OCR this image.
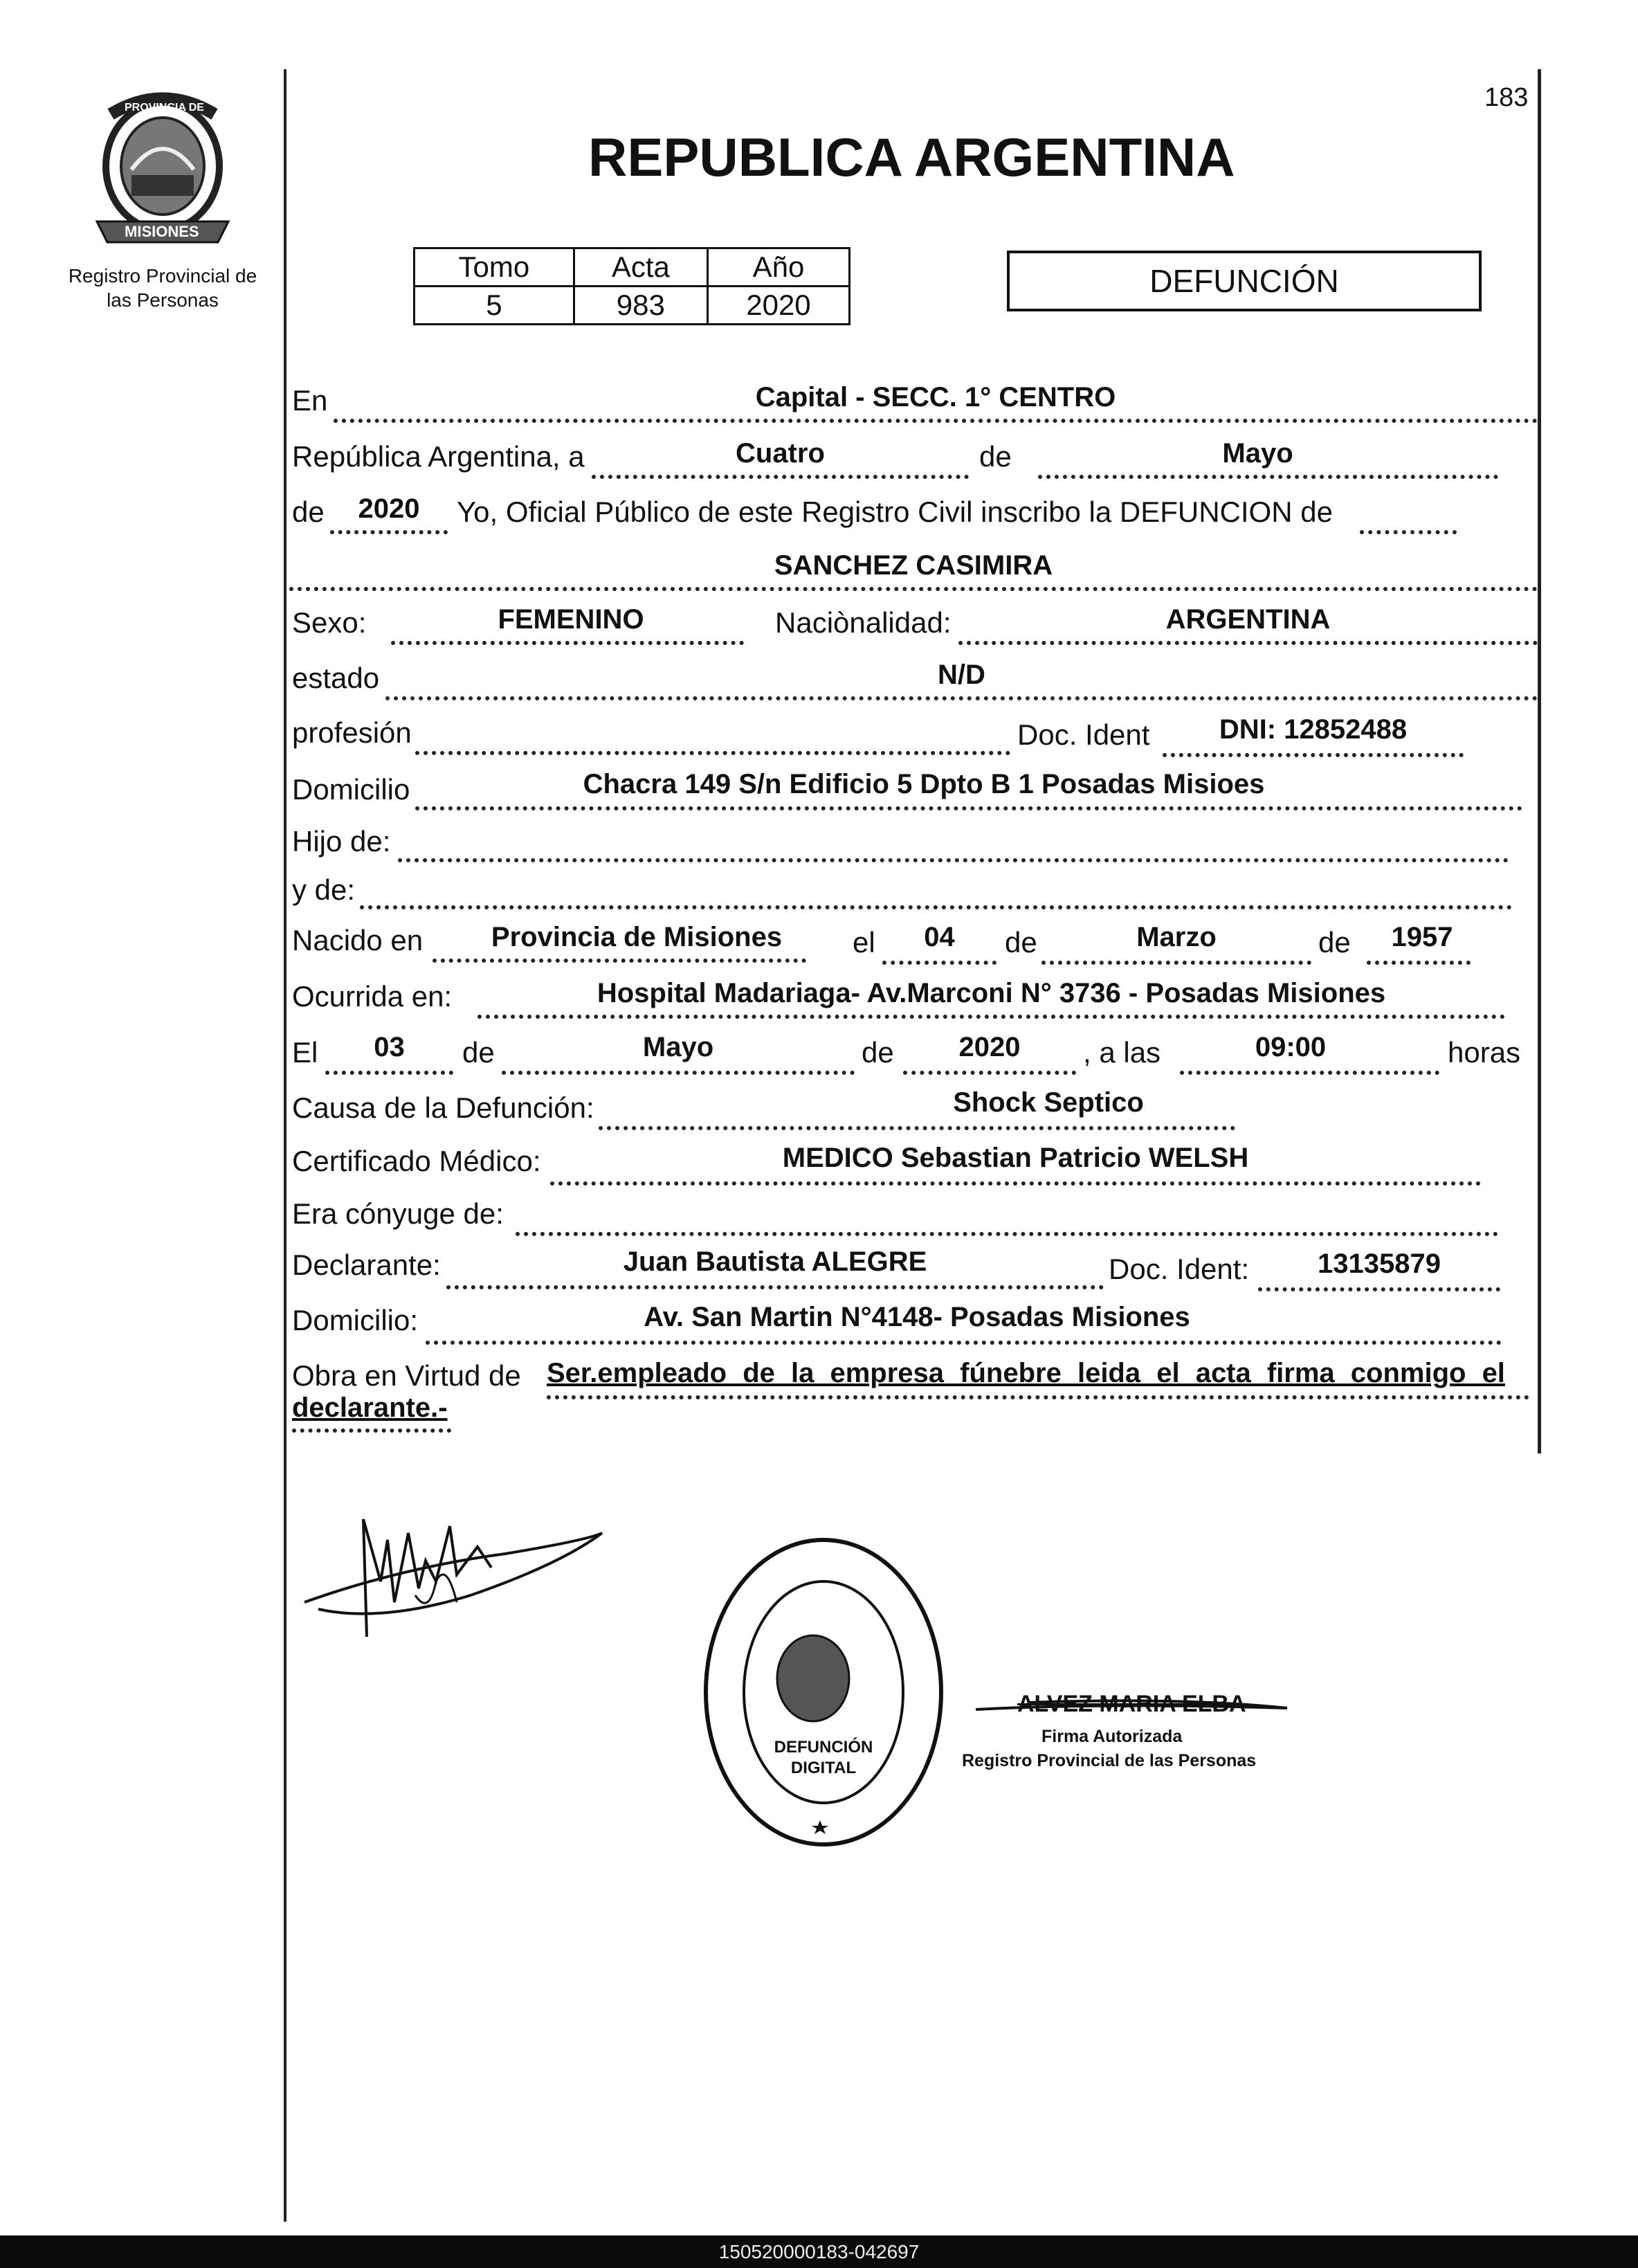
183
PROVINCIA DE
MISIONES
Registro Provincial de
las Personas
REPUBLICA ARGENTINA
Tomo	Acta	Año
5	983	2020
DEFUNCIÓN
En	Capital - SECC. 1° CENTRO
República Argentina, a	Cuatro	de	Mayo
de	2020	Yo, Oficial Público de este Registro Civil inscribo la DEFUNCION de
SANCHEZ CASIMIRA
Sexo:	FEMENINO	Naciònalidad:	ARGENTINA
estado	N/D
profesión	Doc. Ident	DNI: 12852488
Domicilio	Chacra 149 S/n Edificio 5 Dpto B 1 Posadas Misioes
Hijo de:
y de:
Nacido en	Provincia de Misiones	el	04	de	Marzo	de	1957
Ocurrida en:	Hospital Madariaga- Av.Marconi N° 3736 - Posadas Misiones
El	03	de	Mayo	de	2020	, a las	09:00	horas
Causa de la Defunción:	Shock Septico
Certificado Médico:	MEDICO Sebastian Patricio WELSH
Era cónyuge de:
Declarante:	Juan Bautista ALEGRE	Doc. Ident:	13135879
Domicilio:	Av. San Martin N°4148- Posadas Misiones
Obra en Virtud de Ser.empleado de la empresa fúnebre leida el acta firma conmigo el
declarante.-
DEFUNCIÓN DIGITAL
ALVEZ MARIA ELBA
Firma Autorizada
Registro Provincial de las Personas
150520000183-042697
